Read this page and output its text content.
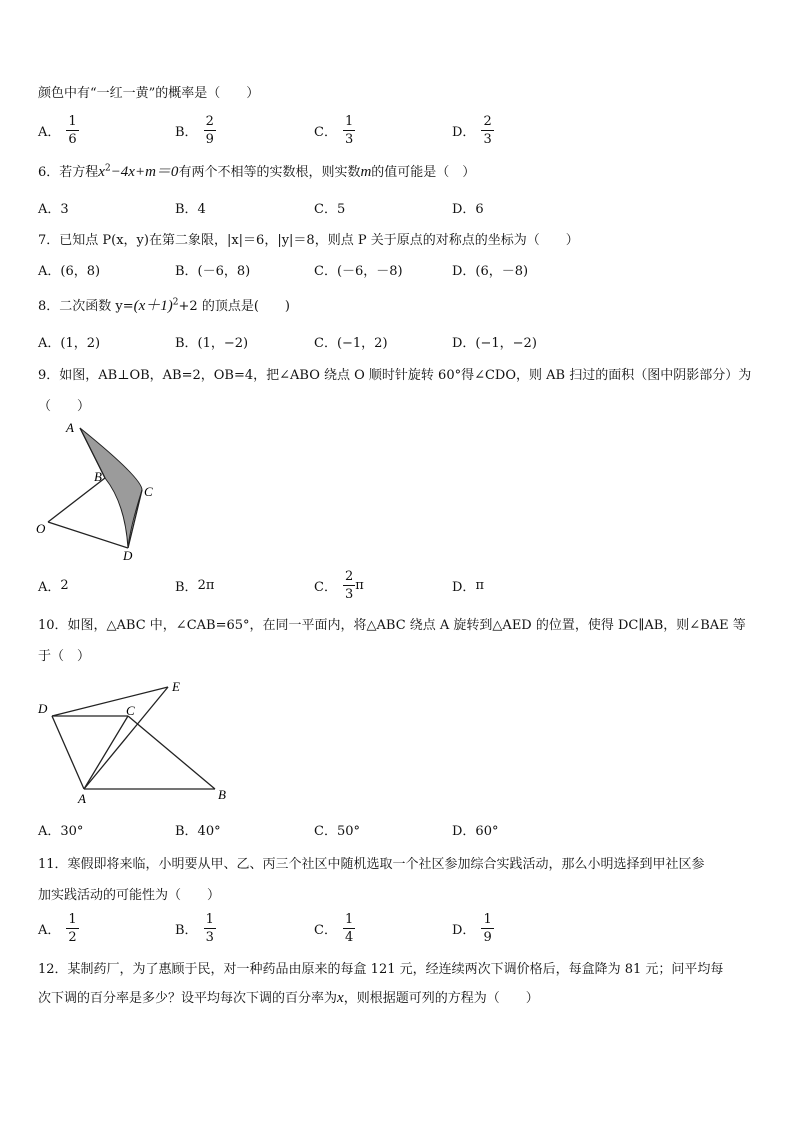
颜色中有“一红一黄”的概率是（　　）
A． $\frac{1}{6}$	B． $\frac{2}{9}$	C． $\frac{1}{3}$	D． $\frac{2}{3}$
6．若方程$x^2-4x+m=0$有两个不相等的实数根，则实数m的值可能是（　）
A．3	B．4	C．5	D．6
7．已知点 P(x，y)在第二象限，|x|＝6，|y|＝8，则点 P 关于原点的对称点的坐标为（　　）
A．(6，8)	B．(－6，8)	C．(－6，－8)	D．(6，－8)
8．二次函数 $y=(x+1)^2+2$ 的顶点是(　　)
A．(1，2)	B．(1，−2)	C．(−1，2)	D．(−1，−2)
9．如图，AB⊥OB，AB=2，OB=4，把∠ABO 绕点 O 顺时针旋转 60°得∠CDO，则 AB 扫过的面积（图中阴影部分）为
（　　）
A
B
C
O
D
A． 2	B． 2π	C． $\frac{2}{3}$ π	D． π
10．如图，△ABC 中，∠CAB=65°，在同一平面内，将△ABC 绕点 A 旋转到△AED 的位置，使得 DC∥AB，则∠BAE 等
于（　）
D
E
C
A	B
A．30°	B．40°	C．50°	D．60°
11．寒假即将来临，小明要从甲、乙、丙三个社区中随机选取一个社区参加综合实践活动，那么小明选择到甲社区参
加实践活动的可能性为（　　）
A． $\frac{1}{2}$	B． $\frac{1}{3}$	C． $\frac{1}{4}$	D． $\frac{1}{9}$
12．某制药厂，为了惠顾于民，对一种药品由原来的每盒 121 元，经连续两次下调价格后，每盒降为 81 元；问平均每
次下调的百分率是多少？设平均每次下调的百分率为x，则根据题可列的方程为（　　）
